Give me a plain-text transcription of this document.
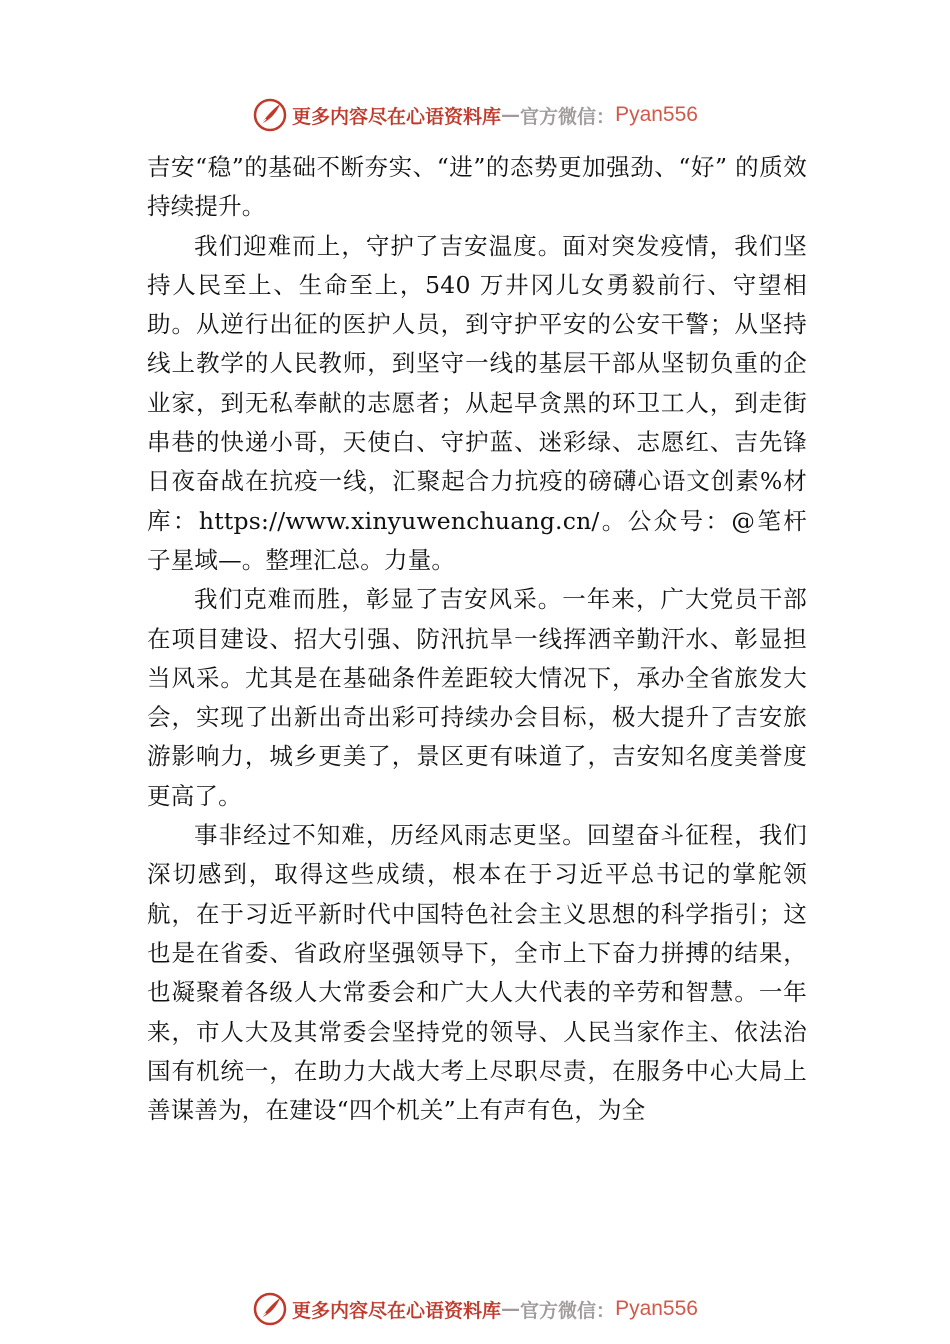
更多内容尽在心语资料库 — 官方微信： Pyan556

吉安“稳”的基础不断夯实、“进”的态势更加强劲、“好” 的质效持续提升。

我们迎难而上，守护了吉安温度。面对突发疫情，我们坚持人民至上、生命至上，540 万井冈儿女勇毅前行、守望相助。从逆行出征的医护人员，到守护平安的公安干警；从坚持线上教学的人民教师，到坚守一线的基层干部从坚韧负重的企业家，到无私奉献的志愿者；从起早贪黑的环卫工人，到走街串巷的快递小哥，天使白、守护蓝、迷彩绿、志愿红、吉先锋日夜奋战在抗疫一线，汇聚起合力抗疫的磅礴心语文创素%材库：https://www.xinyuwenchuang.cn/。公众号：@笔杆子星域—。整理汇总。力量。

我们克难而胜，彰显了吉安风采。一年来，广大党员干部在项目建设、招大引强、防汛抗旱一线挥洒辛勤汗水、彰显担当风采。尤其是在基础条件差距较大情况下，承办全省旅发大会，实现了出新出奇出彩可持续办会目标，极大提升了吉安旅游影响力，城乡更美了，景区更有味道了，吉安知名度美誉度更高了。

事非经过不知难，历经风雨志更坚。回望奋斗征程，我们深切感到，取得这些成绩，根本在于习近平总书记的掌舵领航，在于习近平新时代中国特色社会主义思想的科学指引；这也是在省委、省政府坚强领导下，全市上下奋力拼搏的结果，也凝聚着各级人大常委会和广大人大代表的辛劳和智慧。一年来，市人大及其常委会坚持党的领导、人民当家作主、依法治国有机统一，在助力大战大考上尽职尽责，在服务中心大局上善谋善为，在建设“四个机关”上有声有色，为全

更多内容尽在心语资料库 — 官方微信： Pyan556
